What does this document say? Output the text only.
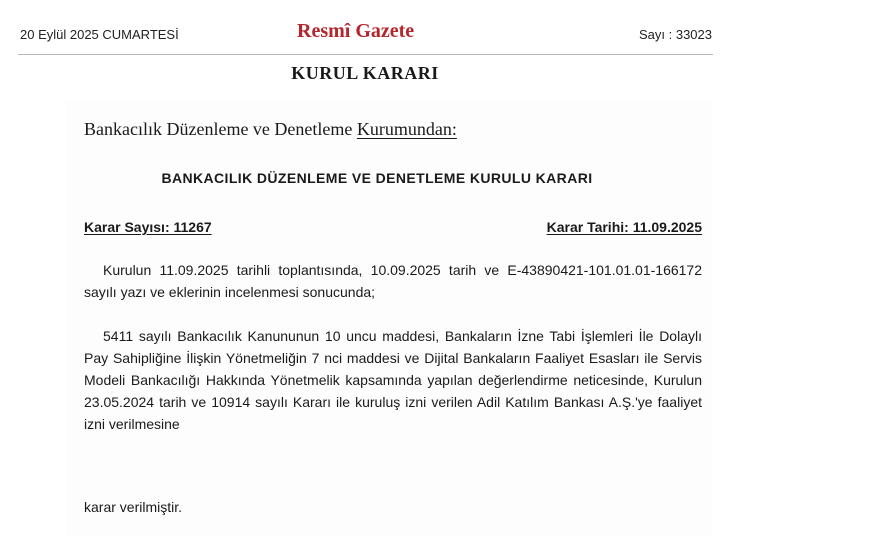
20 Eylül 2025 CUMARTESİ	Resmî Gazete	Sayı : 33023
KURUL KARARI
Bankacılık Düzenleme ve Denetleme Kurumundan:
BANKACILIK DÜZENLEME VE DENETLEME KURULU KARARI
Karar Sayısı: 11267	Karar Tarihi: 11.09.2025
Kurulun 11.09.2025 tarihli toplantısında, 10.09.2025 tarih ve E-43890421-101.01.01-166172 sayılı yazı ve eklerinin incelenmesi sonucunda;
5411 sayılı Bankacılık Kanununun 10 uncu maddesi, Bankaların İzne Tabi İşlemleri İle Dolaylı Pay Sahipliğine İlişkin Yönetmeliğin 7 nci maddesi ve Dijital Bankaların Faaliyet Esasları ile Servis Modeli Bankacılığı Hakkında Yönetmelik kapsamında yapılan değerlendirme neticesinde, Kurulun 23.05.2024 tarih ve 10914 sayılı Kararı ile kuruluş izni verilen Adil Katılım Bankası A.Ş.'ye faaliyet izni verilmesine
karar verilmiştir.
